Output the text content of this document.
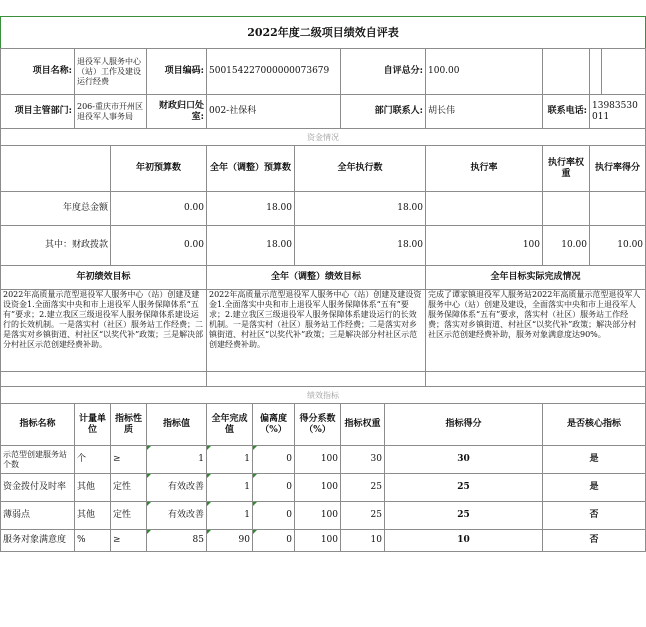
2022年度二级项目绩效自评表												
项目名称:	退役军人服务中心（站）工作及建设运行经费		项目编码:	500154227000000073679			自评总分:		100.00			
项目主管部门:	206-重庆市开州区退役军人事务局		财政归口处室:	002-社保科			部门联系人:		胡长伟	联系电话:	13983530011	
资金情况												
		年初预算数		全年（调整）预算数		全年执行数			执行率	执行率权重	执行率得分	
年度总金额		0.00		18.00		18.00						
其中：财政拨款		0.00		18.00		18.00			100	10.00	10.00	
年初绩效目标				全年（调整）绩效目标					全年目标实际完成情况			
2022年高质量示范型退役军人服务中心（站）创建及建设资金1.全面落实中央和市上退役军人服务保障体系“五有”要求；2.建立我区三级退役军人服务保障体系建设运行的长效机制。一是落实村（社区）服务站工作经费；二是落实对乡镇街道、村社区“以奖代补”政策；三是解决部分村社区示范创建经费补助。				2022年高质量示范型退役军人服务中心（站）创建及建设资金1.全面落实中央和市上退役军人服务保障体系“五有”要求；2.建立我区三级退役军人服务保障体系建设运行的长效机制。一是落实村（社区）服务站工作经费；二是落实对乡镇街道、村社区“以奖代补”政策；三是解决部分村社区示范创建经费补助。					完成了谭家镇退役军人服务站2022年高质量示范型退役军人服务中心（站）创建及建设，全面落实中央和市上退役军人服务保障体系“五有”要求，落实村（社区）服务站工作经费；落实对乡镇街道、村社区“以奖代补”政策；解决部分村社区示范创建经费补助，服务对象满意度达90%。			

绩效指标												
指标名称	计量单位	指标性质	指标值	全年完成值	偏离度（%）	得分系数（%）	指标权重	指标得分		是否核心指标		
示范型创建服务站个数	个	≥	1	1	0	100	30	30		是		
资金拨付及时率	其他	定性	有效改善	1	0	100	25	25		是		
薄弱点	其他	定性	有效改善	1	0	100	25	25		否		
服务对象满意度	%	≥	85	90	0	100	10	10		否		
